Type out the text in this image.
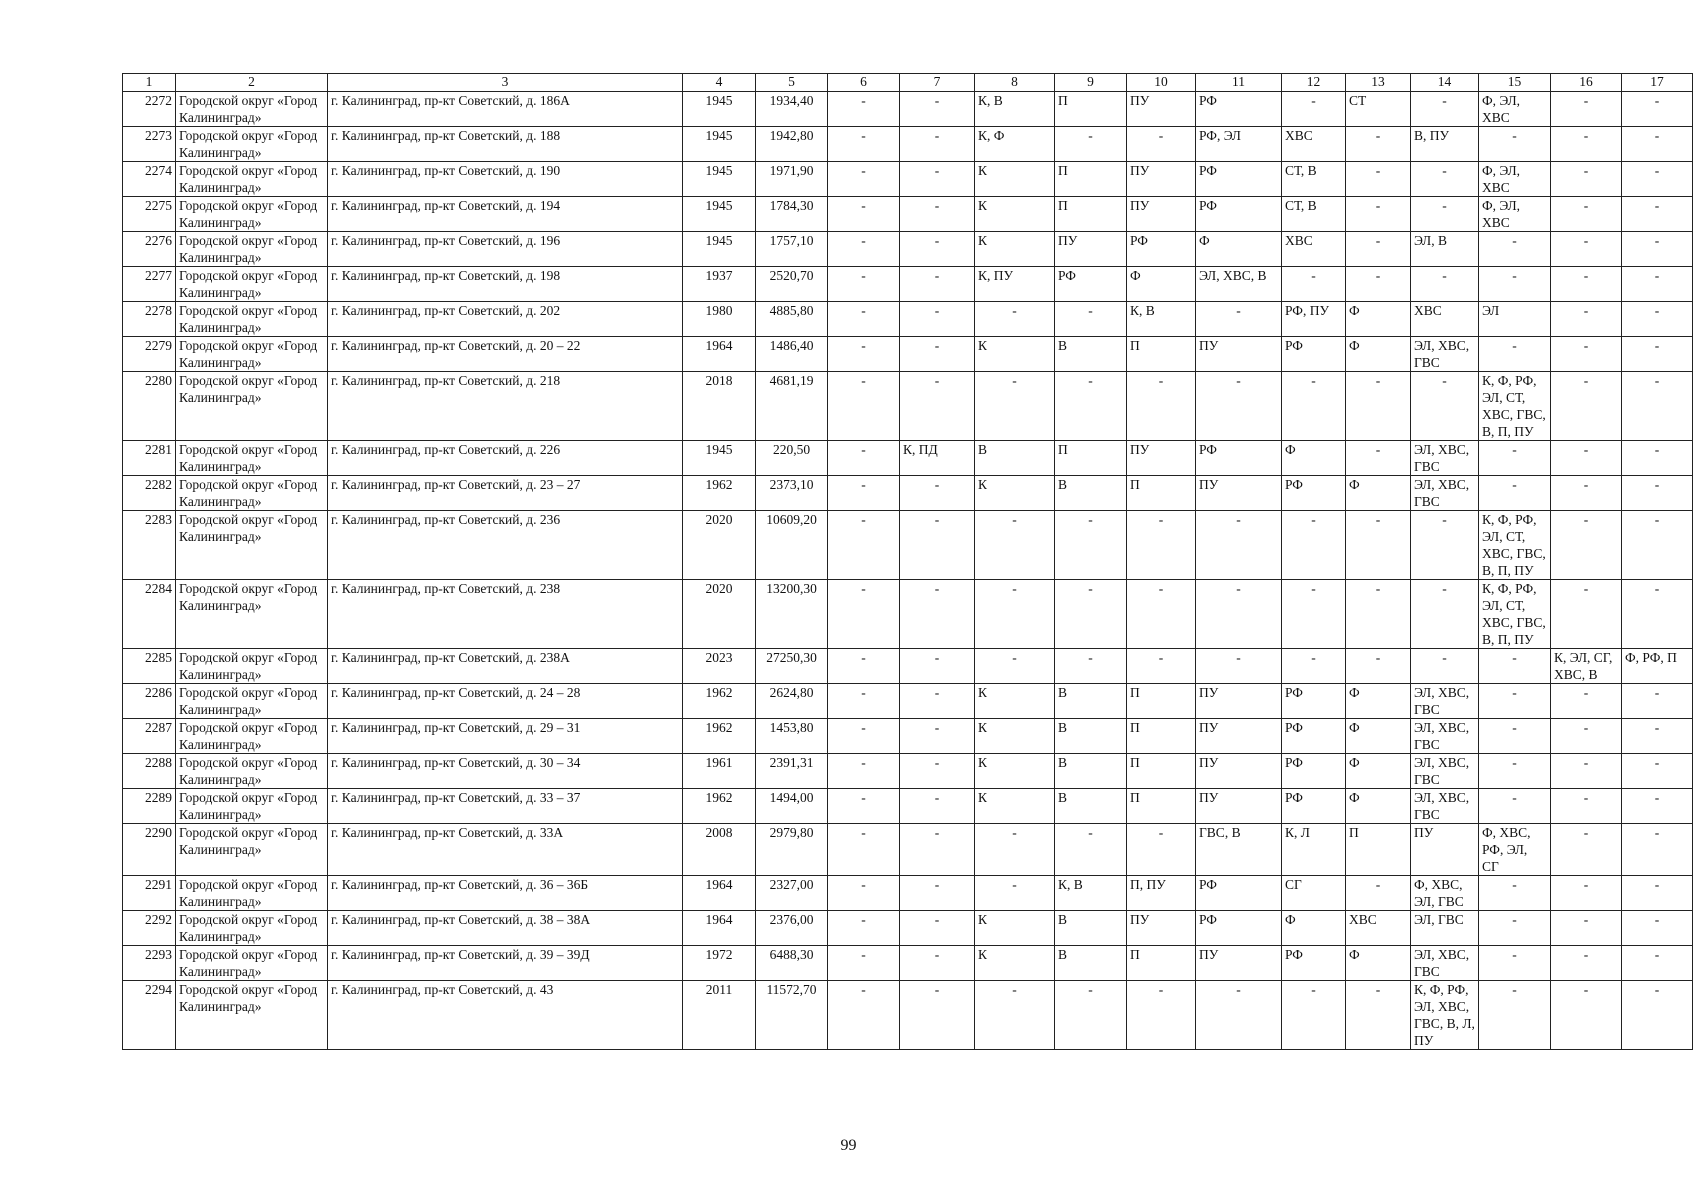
1	2	3	4	5	6	7	8	9	10	11	12	13	14	15	16	17
2272	Городской округ «Город Калининград»	г. Калининград, пр-кт Советский, д. 186А	1945	1934,40	-	-	К, В	П	ПУ	РФ	-	СТ	-	Ф, ЭЛ, ХВС	-	-
2273	Городской округ «Город Калининград»	г. Калининград, пр-кт Советский, д. 188	1945	1942,80	-	-	К, Ф	-	-	РФ, ЭЛ	ХВС	-	В, ПУ	-	-	-
2274	Городской округ «Город Калининград»	г. Калининград, пр-кт Советский, д. 190	1945	1971,90	-	-	К	П	ПУ	РФ	СТ, В	-	-	Ф, ЭЛ, ХВС	-	-
2275	Городской округ «Город Калининград»	г. Калининград, пр-кт Советский, д. 194	1945	1784,30	-	-	К	П	ПУ	РФ	СТ, В	-	-	Ф, ЭЛ, ХВС	-	-
2276	Городской округ «Город Калининград»	г. Калининград, пр-кт Советский, д. 196	1945	1757,10	-	-	К	ПУ	РФ	Ф	ХВС	-	ЭЛ, В	-	-	-
2277	Городской округ «Город Калининград»	г. Калининград, пр-кт Советский, д. 198	1937	2520,70	-	-	К, ПУ	РФ	Ф	ЭЛ, ХВС, В	-	-	-	-	-	-
2278	Городской округ «Город Калининград»	г. Калининград, пр-кт Советский, д. 202	1980	4885,80	-	-	-	-	К, В	-	РФ, ПУ	Ф	ХВС	ЭЛ	-	-
2279	Городской округ «Город Калининград»	г. Калининград, пр-кт Советский, д. 20 – 22	1964	1486,40	-	-	К	В	П	ПУ	РФ	Ф	ЭЛ, ХВС, ГВС	-	-	-
2280	Городской округ «Город Калининград»	г. Калининград, пр-кт Советский, д. 218	2018	4681,19	-	-	-	-	-	-	-	-	-	К, Ф, РФ, ЭЛ, СТ, ХВС, ГВС, В, П, ПУ	-	-
2281	Городской округ «Город Калининград»	г. Калининград, пр-кт Советский, д. 226	1945	220,50	-	К, ПД	В	П	ПУ	РФ	Ф	-	ЭЛ, ХВС, ГВС	-	-	-
2282	Городской округ «Город Калининград»	г. Калининград, пр-кт Советский, д. 23 – 27	1962	2373,10	-	-	К	В	П	ПУ	РФ	Ф	ЭЛ, ХВС, ГВС	-	-	-
2283	Городской округ «Город Калининград»	г. Калининград, пр-кт Советский, д. 236	2020	10609,20	-	-	-	-	-	-	-	-	-	К, Ф, РФ, ЭЛ, СТ, ХВС, ГВС, В, П, ПУ	-	-
2284	Городской округ «Город Калининград»	г. Калининград, пр-кт Советский, д. 238	2020	13200,30	-	-	-	-	-	-	-	-	-	К, Ф, РФ, ЭЛ, СТ, ХВС, ГВС, В, П, ПУ	-	-
2285	Городской округ «Город Калининград»	г. Калининград, пр-кт Советский, д. 238А	2023	27250,30	-	-	-	-	-	-	-	-	-	-	К, ЭЛ, СГ, ХВС, В	Ф, РФ, П
2286	Городской округ «Город Калининград»	г. Калининград, пр-кт Советский, д. 24 – 28	1962	2624,80	-	-	К	В	П	ПУ	РФ	Ф	ЭЛ, ХВС, ГВС	-	-	-
2287	Городской округ «Город Калининград»	г. Калининград, пр-кт Советский, д. 29 – 31	1962	1453,80	-	-	К	В	П	ПУ	РФ	Ф	ЭЛ, ХВС, ГВС	-	-	-
2288	Городской округ «Город Калининград»	г. Калининград, пр-кт Советский, д. 30 – 34	1961	2391,31	-	-	К	В	П	ПУ	РФ	Ф	ЭЛ, ХВС, ГВС	-	-	-
2289	Городской округ «Город Калининград»	г. Калининград, пр-кт Советский, д. 33 – 37	1962	1494,00	-	-	К	В	П	ПУ	РФ	Ф	ЭЛ, ХВС, ГВС	-	-	-
2290	Городской округ «Город Калининград»	г. Калининград, пр-кт Советский, д. 33А	2008	2979,80	-	-	-	-	-	ГВС, В	К, Л	П	ПУ	Ф, ХВС, РФ, ЭЛ, СГ	-	-
2291	Городской округ «Город Калининград»	г. Калининград, пр-кт Советский, д. 36 – 36Б	1964	2327,00	-	-	-	К, В	П, ПУ	РФ	СГ	-	Ф, ХВС, ЭЛ, ГВС	-	-	-
2292	Городской округ «Город Калининград»	г. Калининград, пр-кт Советский, д. 38 – 38А	1964	2376,00	-	-	К	В	ПУ	РФ	Ф	ХВС	ЭЛ, ГВС	-	-	-
2293	Городской округ «Город Калининград»	г. Калининград, пр-кт Советский, д. 39 – 39Д	1972	6488,30	-	-	К	В	П	ПУ	РФ	Ф	ЭЛ, ХВС, ГВС	-	-	-
2294	Городской округ «Город Калининград»	г. Калининград, пр-кт Советский, д. 43	2011	11572,70	-	-	-	-	-	-	-	-	К, Ф, РФ, ЭЛ, ХВС, ГВС, В, Л, ПУ	-	-	-
99
